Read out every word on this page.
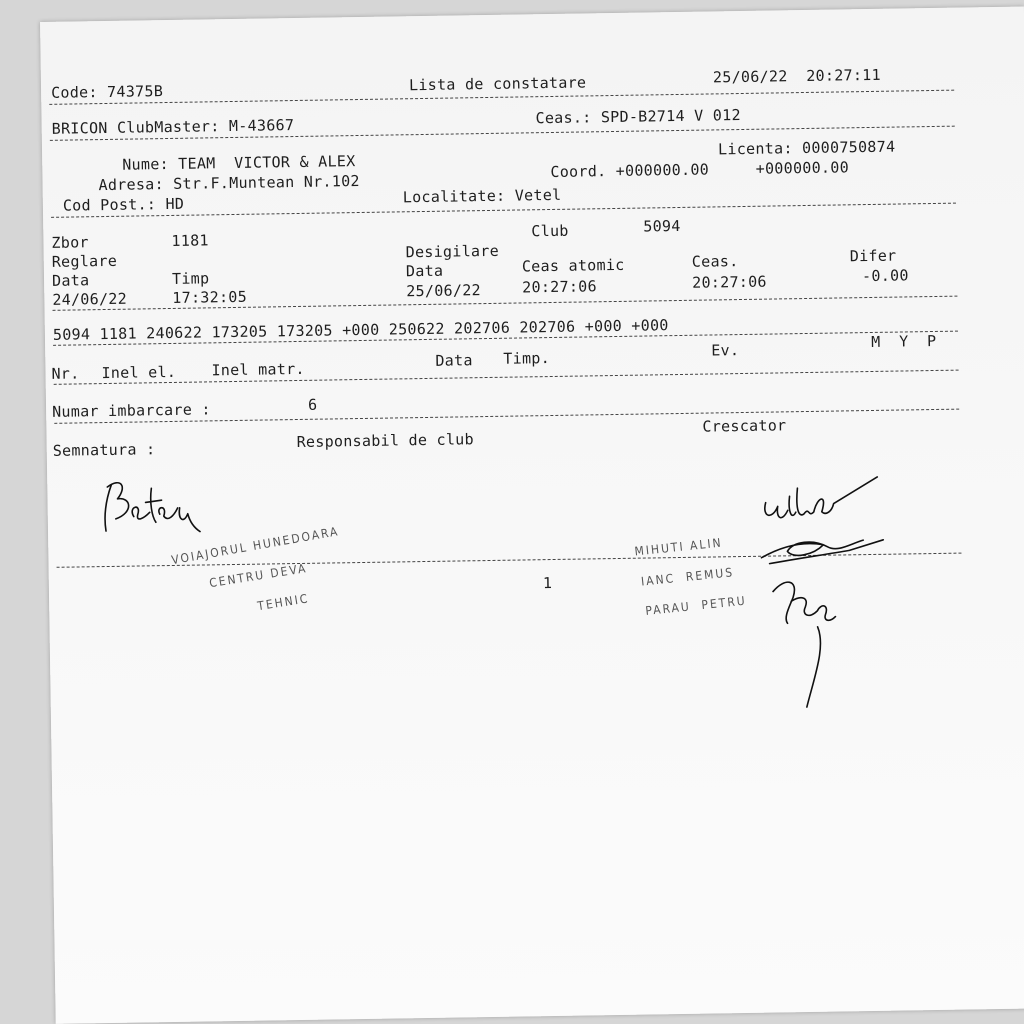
Code: 74375B	Lista de constatare	25/06/22  20:27:11
BRICON ClubMaster: M-43667	Ceas.: SPD-B2714 V 012
Nume: TEAM  VICTOR & ALEX
Licenta: 0000750874
Adresa: Str.F.Muntean Nr.102
Coord. +000000.00     +000000.00
Cod Post.: HD	Localitate: Vetel
Zbor	1181
Club	5094
Reglare
Desigilare
Data	Timp	Data	Ceas atomic	Ceas.	Difer
24/06/22	17:32:05	25/06/22	20:27:06	20:27:06	-0.00
5094 1181 240622 173205 173205 +000 250622 202706 202706 +000 +000
Nr. Inel el. Inel matr.	Data Timp.	Ev.	M  Y  P
Numar imbarcare :	6
Semnatura :	Responsabil de club
Crescator
1
VOIAJORUL HUNEDOARA
CENTRU DEVA
TEHNIC
MIHUTI ALIN
IANC  REMUS
PARAU  PETRU
